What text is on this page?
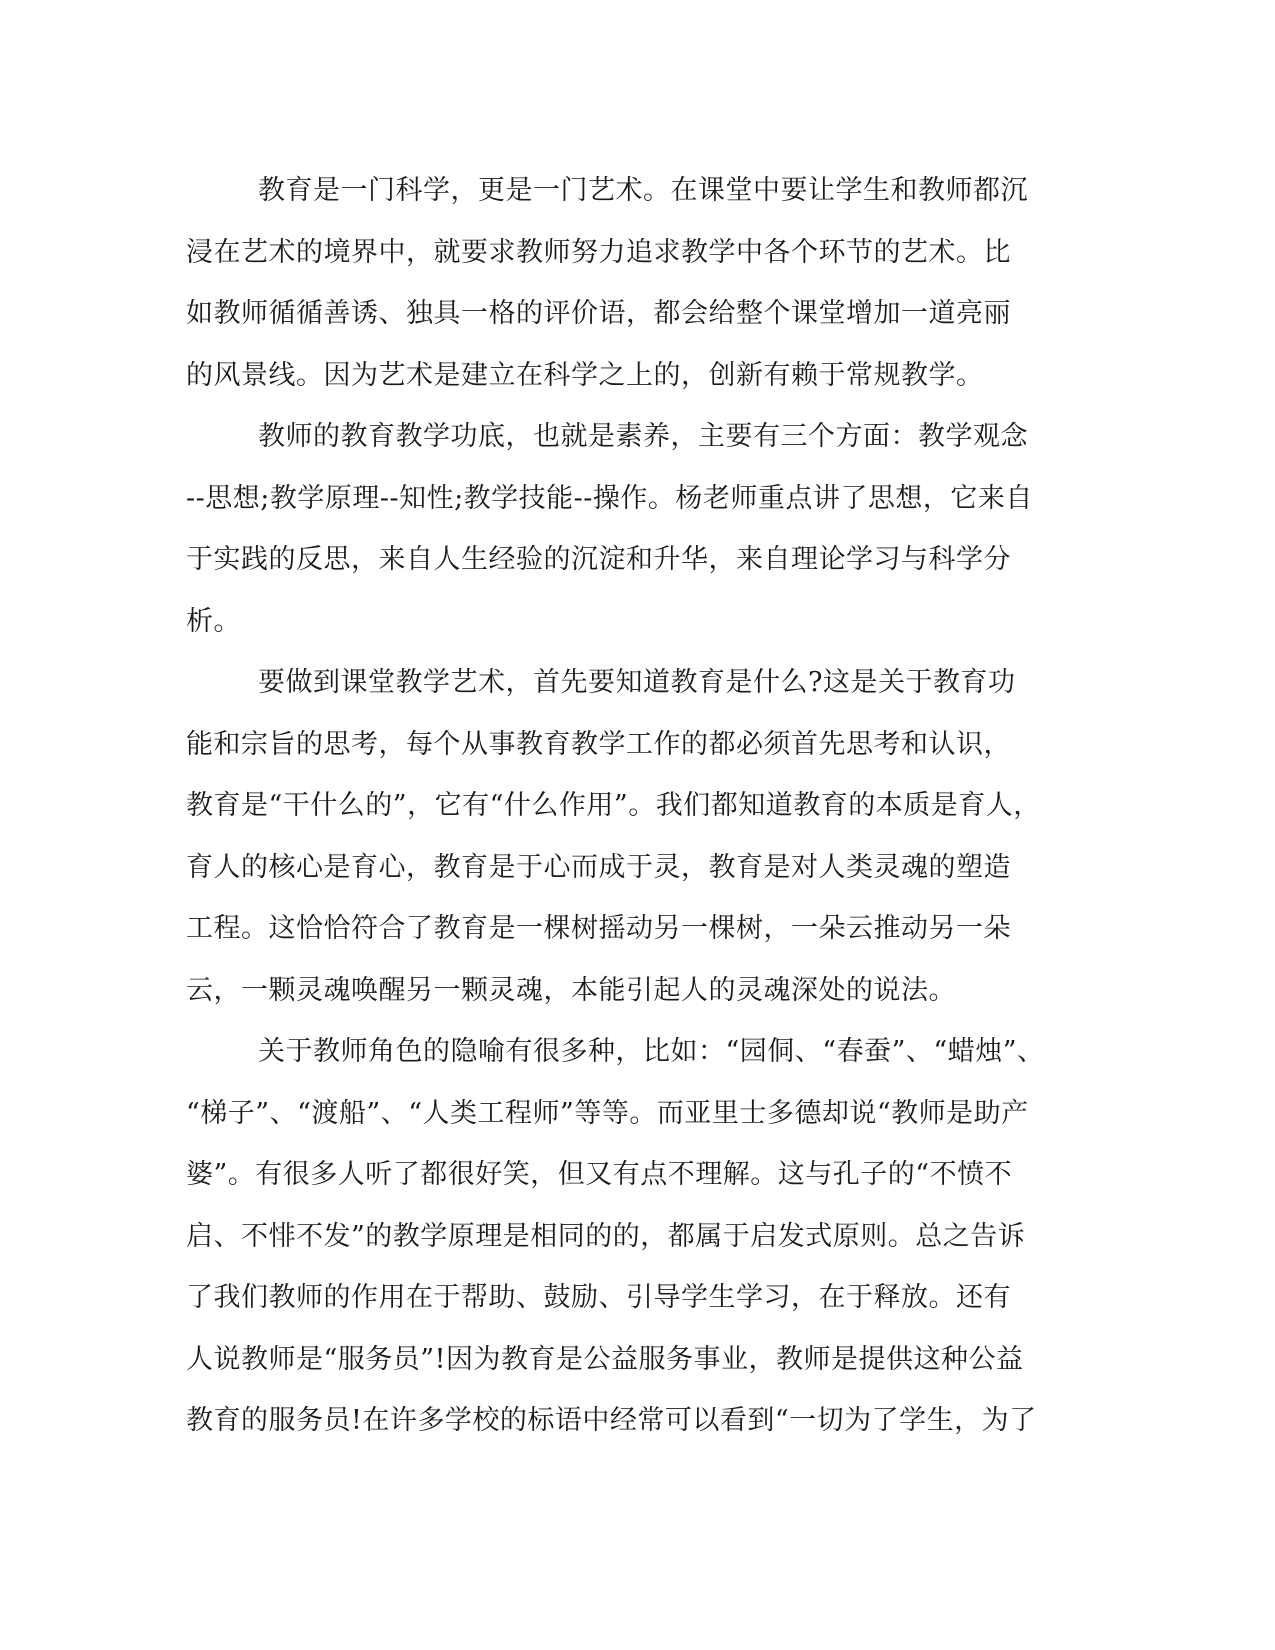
教育是一门科学，更是一门艺术。在课堂中要让学生和教师都沉
浸在艺术的境界中，就要求教师努力追求教学中各个环节的艺术。比
如教师循循善诱、独具一格的评价语，都会给整个课堂增加一道亮丽
的风景线。因为艺术是建立在科学之上的，创新有赖于常规教学。
教师的教育教学功底，也就是素养，主要有三个方面：教学观念
--思想;教学原理--知性;教学技能--操作。杨老师重点讲了思想，它来自
于实践的反思，来自人生经验的沉淀和升华，来自理论学习与科学分
析。
要做到课堂教学艺术，首先要知道教育是什么?这是关于教育功
能和宗旨的思考，每个从事教育教学工作的都必须首先思考和认识，
教育是“干什么的”，它有“什么作用”。我们都知道教育的本质是育人，
育人的核心是育心，教育是于心而成于灵，教育是对人类灵魂的塑造
工程。这恰恰符合了教育是一棵树摇动另一棵树，一朵云推动另一朵
云，一颗灵魂唤醒另一颗灵魂，本能引起人的灵魂深处的说法。
关于教师角色的隐喻有很多种，比如：“园侗、“春蚕”、“蜡烛”、
“梯子”、“渡船”、“人类工程师”等等。而亚里士多德却说“教师是助产
婆”。有很多人听了都很好笑，但又有点不理解。这与孔子的“不愤不
启、不悱不发”的教学原理是相同的的，都属于启发式原则。总之告诉
了我们教师的作用在于帮助、鼓励、引导学生学习，在于释放。还有
人说教师是“服务员”!因为教育是公益服务事业，教师是提供这种公益
教育的服务员!在许多学校的标语中经常可以看到“一切为了学生，为了
